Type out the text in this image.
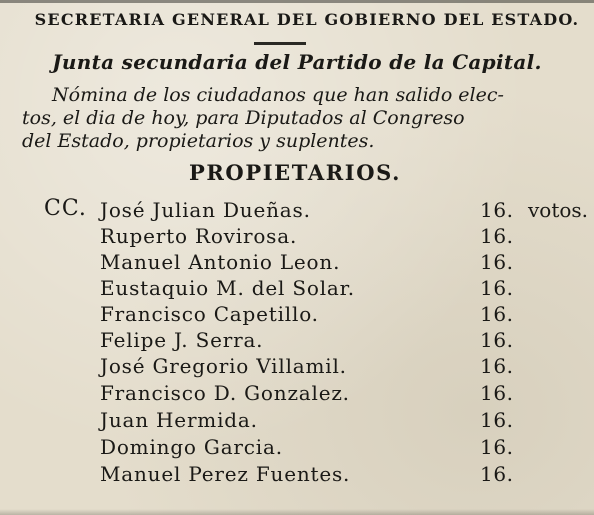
SECRETARIA GENERAL DEL GOBIERNO DEL ESTADO.
Junta secundaria del Partido de la Capital.
Nómina de los ciudadanos que han salido elec-
tos, el dia de hoy, para Diputados al Congreso
del Estado, propietarios y suplentes.
PROPIETARIOS.
CC. José Julian Dueñas.	16. votos.
Ruperto Rovirosa.	16.
Manuel Antonio Leon.	16.
Eustaquio M. del Solar.	16.
Francisco Capetillo.	16.
Felipe J. Serra.	16.
José Gregorio Villamil.	16.
Francisco D. Gonzalez.	16.
Juan Hermida.	16.
Domingo Garcia.	16.
Manuel Perez Fuentes.	16.
